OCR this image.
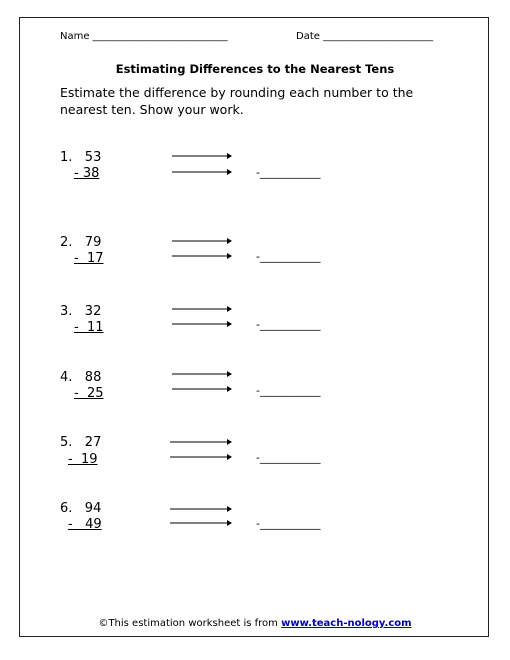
Name ___________________________	Date ______________________
Estimating Differences to the Nearest Tens
Estimate the difference by rounding each number to the nearest ten. Show your work.
1.   53
- 38	-___________
2.   79
-  17	-___________
3.   32
-  11	-___________
4.   88
-  25	-___________
5.   27
-  19	-___________
6.   94
-   49	-___________
©This estimation worksheet is from www.teach-nology.com
